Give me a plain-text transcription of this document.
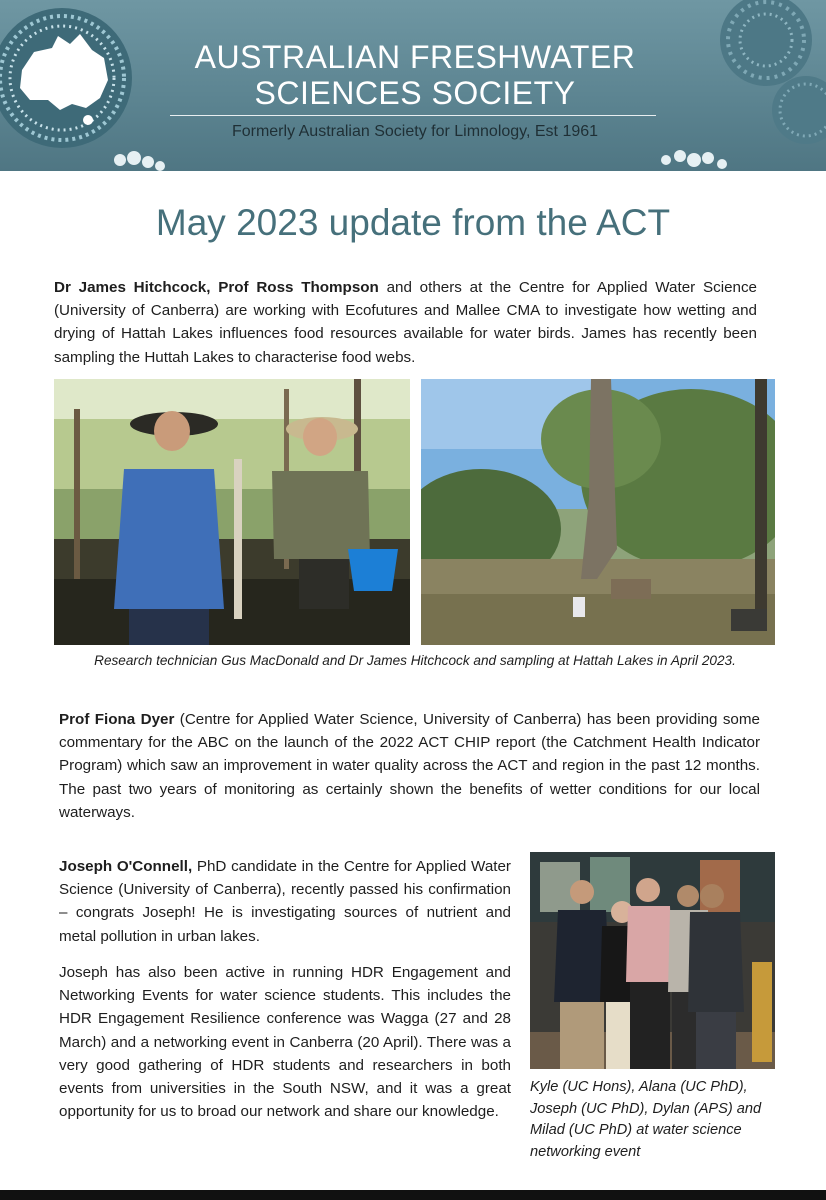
AUSTRALIAN FRESHWATER
SCIENCES SOCIETY
Formerly Australian Society for Limnology, Est 1961
May 2023 update from the ACT
Dr James Hitchcock, Prof Ross Thompson and others at the Centre for Applied Water Science (University of Canberra) are working with Ecofutures and Mallee CMA to investigate how wetting and drying of Hattah Lakes influences food resources available for water birds. James has recently been sampling the Huttah Lakes to characterise food webs.
Research technician Gus MacDonald and Dr James Hitchcock and sampling at Hattah Lakes in April 2023.
Prof Fiona Dyer (Centre for Applied Water Science, University of Canberra) has been providing some commentary for the ABC on the launch of the 2022 ACT CHIP report (the Catchment Health Indicator Program) which saw an improvement in water quality across the ACT and region in the past 12 months. The past two years of monitoring as certainly shown the benefits of wetter conditions for our local waterways.
Joseph O'Connell, PhD candidate in the Centre for Applied Water Science (University of Canberra), recently passed his confirmation – congrats Joseph! He is investigating sources of nutrient and metal pollution in urban lakes.
Joseph has also been active in running HDR Engagement and Networking Events for water science students. This includes the HDR Engagement Resilience conference was Wagga (27 and 28 March) and a networking event in Canberra (20 April). There was a very good gathering of HDR students and researchers in both events from universities in the South NSW, and it was a great opportunity for us to broad our network and share our knowledge.
Kyle (UC Hons), Alana (UC PhD), Joseph (UC PhD), Dylan (APS) and Milad (UC PhD) at water science networking event
